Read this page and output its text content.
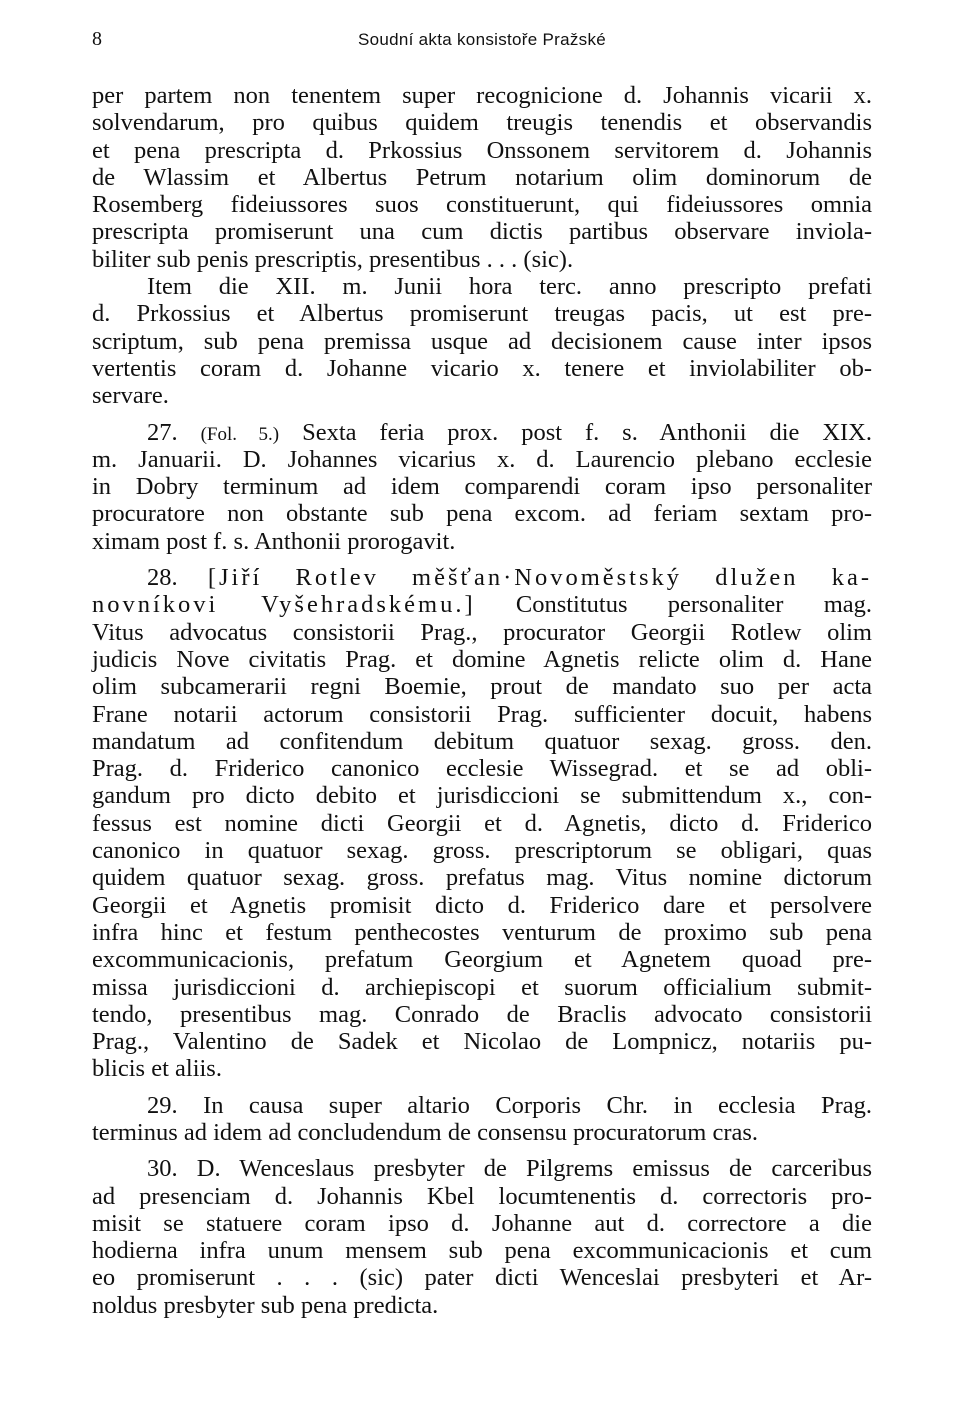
8	Soudní akta konsistoře Pražské
per partem non tenentem super recognicione d. Johannis vicarii x.
solvendarum, pro quibus quidem treugis tenendis et observandis
et pena prescripta d. Prkossius Onssonem servitorem d. Johannis
de Wlassim et Albertus Petrum notarium olim dominorum de
Rosemberg fideiussores suos constituerunt, qui fideiussores omnia
prescripta promiserunt una cum dictis partibus observare inviola-
biliter sub penis prescriptis, presentibus . . . (sic).
Item die XII. m. Junii hora terc. anno prescripto prefati
d. Prkossius et Albertus promiserunt treugas pacis, ut est pre-
scriptum, sub pena premissa usque ad decisionem cause inter ipsos
vertentis coram d. Johanne vicario x. tenere et inviolabiliter ob-
servare.
27. (Fol. 5.) Sexta feria prox. post f. s. Anthonii die XIX.
m. Januarii. D. Johannes vicarius x. d. Laurencio plebano ecclesie
in Dobry terminum ad idem comparendi coram ipso personaliter
procuratore non obstante sub pena excom. ad feriam sextam pro-
ximam post f. s. Anthonii prorogavit.
28. [Jiří Rotlev měšťan·Novoměstský dlužen ka-
novníkovi Vyšehradskému.] Constitutus personaliter mag.
Vitus advocatus consistorii Prag., procurator Georgii Rotlew olim
judicis Nove civitatis Prag. et domine Agnetis relicte olim d. Hane
olim subcamerarii regni Boemie, prout de mandato suo per acta
Frane notarii actorum consistorii Prag. sufficienter docuit, habens
mandatum ad confitendum debitum quatuor sexag. gross. den.
Prag. d. Friderico canonico ecclesie Wissegrad. et se ad obli-
gandum pro dicto debito et jurisdiccioni se submittendum x., con-
fessus est nomine dicti Georgii et d. Agnetis, dicto d. Friderico
canonico in quatuor sexag. gross. prescriptorum se obligari, quas
quidem quatuor sexag. gross. prefatus mag. Vitus nomine dictorum
Georgii et Agnetis promisit dicto d. Friderico dare et persolvere
infra hinc et festum penthecostes venturum de proximo sub pena
excommunicacionis, prefatum Georgium et Agnetem quoad pre-
missa jurisdiccioni d. archiepiscopi et suorum officialium submit-
tendo, presentibus mag. Conrado de Braclis advocato consistorii
Prag., Valentino de Sadek et Nicolao de Lompnicz, notariis pu-
blicis et aliis.
29. In causa super altario Corporis Chr. in ecclesia Prag.
terminus ad idem ad concludendum de consensu procuratorum cras.
30. D. Wenceslaus presbyter de Pilgrems emissus de carceribus
ad presenciam d. Johannis Kbel locumtenentis d. correctoris pro-
misit se statuere coram ipso d. Johanne aut d. correctore a die
hodierna infra unum mensem sub pena excommunicacionis et cum
eo promiserunt . . . (sic) pater dicti Wenceslai presbyteri et Ar-
noldus presbyter sub pena predicta.
